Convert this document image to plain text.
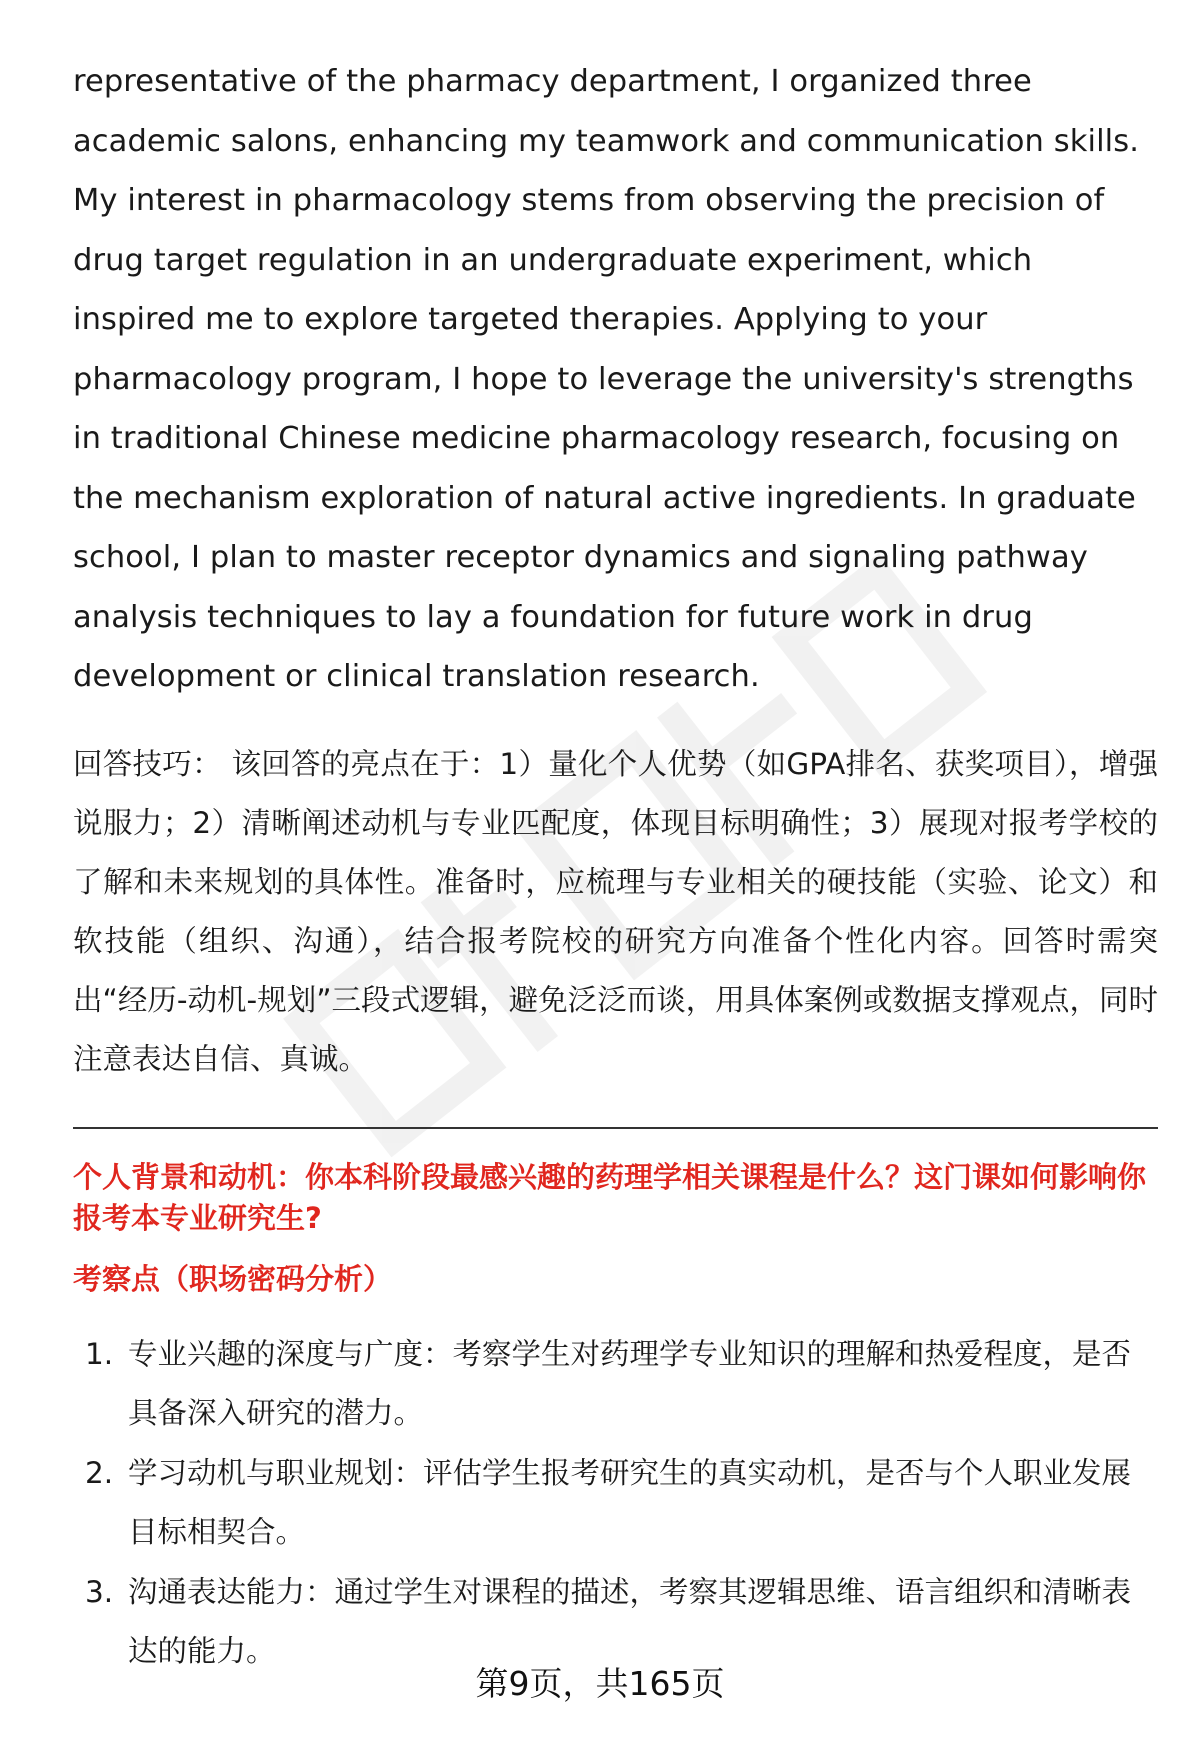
representative of the pharmacy department, I organized three academic salons, enhancing my teamwork and communication skills. My interest in pharmacology stems from observing the precision of drug target regulation in an undergraduate experiment, which inspired me to explore targeted therapies. Applying to your pharmacology program, I hope to leverage the university's strengths in traditional Chinese medicine pharmacology research, focusing on the mechanism exploration of natural active ingredients. In graduate school, I plan to master receptor dynamics and signaling pathway analysis techniques to lay a foundation for future work in drug development or clinical translation research.

回答技巧： 该回答的亮点在于：1）量化个人优势（如GPA排名、获奖项目），增强说服力；2）清晰阐述动机与专业匹配度，体现目标明确性；3）展现对报考学校的了解和未来规划的具体性。准备时，应梳理与专业相关的硬技能（实验、论文）和软技能（组织、沟通），结合报考院校的研究方向准备个性化内容。回答时需突出“经历-动机-规划”三段式逻辑，避免泛泛而谈，用具体案例或数据支撑观点，同时注意表达自信、真诚。

个人背景和动机：你本科阶段最感兴趣的药理学相关课程是什么？这门课如何影响你报考本专业研究生?
考察点（职场密码分析）
1. 专业兴趣的深度与广度：考察学生对药理学专业知识的理解和热爱程度，是否具备深入研究的潜力。
2. 学习动机与职业规划：评估学生报考研究生的真实动机，是否与个人职业发展目标相契合。
3. 沟通表达能力：通过学生对课程的描述，考察其逻辑思维、语言组织和清晰表达的能力。
第9页，共165页
